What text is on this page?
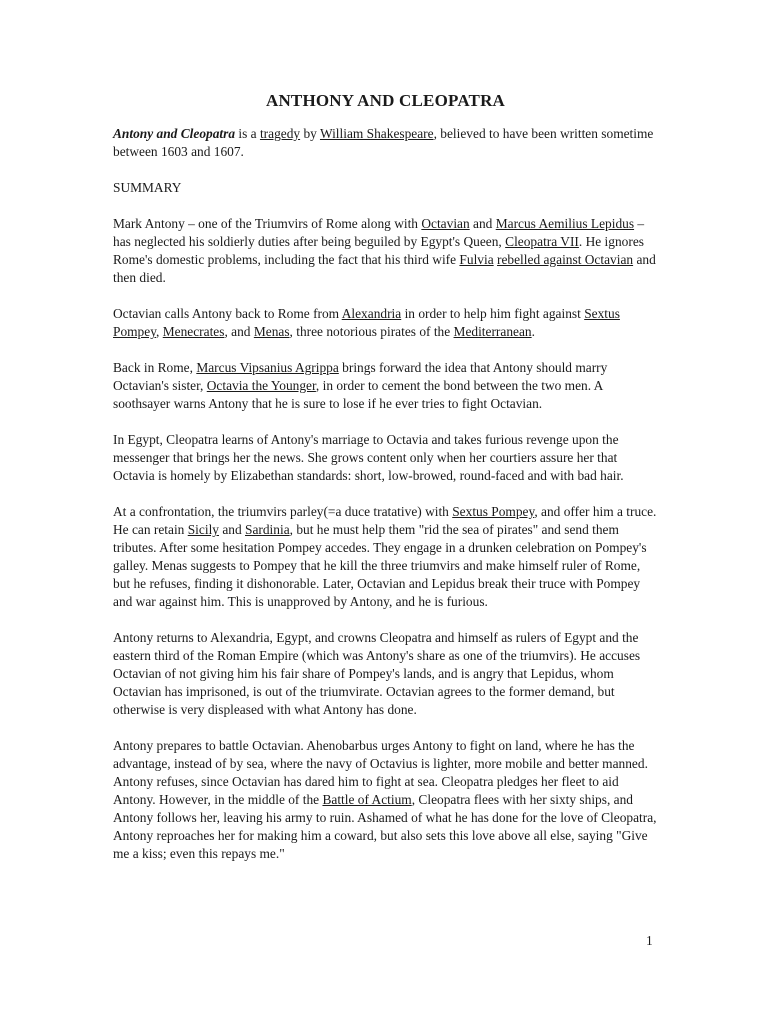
ANTHONY AND CLEOPATRA

Antony and Cleopatra is a tragedy by William Shakespeare, believed to have been written sometime between 1603 and 1607.

SUMMARY

Mark Antony – one of the Triumvirs of Rome along with Octavian and Marcus Aemilius Lepidus – has neglected his soldierly duties after being beguiled by Egypt's Queen, Cleopatra VII. He ignores Rome's domestic problems, including the fact that his third wife Fulvia rebelled against Octavian and then died.

Octavian calls Antony back to Rome from Alexandria in order to help him fight against Sextus Pompey, Menecrates, and Menas, three notorious pirates of the Mediterranean.

Back in Rome, Marcus Vipsanius Agrippa brings forward the idea that Antony should marry Octavian's sister, Octavia the Younger, in order to cement the bond between the two men. A soothsayer warns Antony that he is sure to lose if he ever tries to fight Octavian.

In Egypt, Cleopatra learns of Antony's marriage to Octavia and takes furious revenge upon the messenger that brings her the news. She grows content only when her courtiers assure her that Octavia is homely by Elizabethan standards: short, low-browed, round-faced and with bad hair.

At a confrontation, the triumvirs parley(=a duce tratative) with Sextus Pompey, and offer him a truce. He can retain Sicily and Sardinia, but he must help them "rid the sea of pirates" and send them tributes. After some hesitation Pompey accedes. They engage in a drunken celebration on Pompey's galley. Menas suggests to Pompey that he kill the three triumvirs and make himself ruler of Rome, but he refuses, finding it dishonorable. Later, Octavian and Lepidus break their truce with Pompey and war against him. This is unapproved by Antony, and he is furious.

Antony returns to Alexandria, Egypt, and crowns Cleopatra and himself as rulers of Egypt and the eastern third of the Roman Empire (which was Antony's share as one of the triumvirs). He accuses Octavian of not giving him his fair share of Pompey's lands, and is angry that Lepidus, whom Octavian has imprisoned, is out of the triumvirate. Octavian agrees to the former demand, but otherwise is very displeased with what Antony has done.

Antony prepares to battle Octavian. Ahenobarbus urges Antony to fight on land, where he has the advantage, instead of by sea, where the navy of Octavius is lighter, more mobile and better manned. Antony refuses, since Octavian has dared him to fight at sea. Cleopatra pledges her fleet to aid Antony. However, in the middle of the Battle of Actium, Cleopatra flees with her sixty ships, and Antony follows her, leaving his army to ruin. Ashamed of what he has done for the love of Cleopatra, Antony reproaches her for making him a coward, but also sets this love above all else, saying "Give me a kiss; even this repays me."

1
